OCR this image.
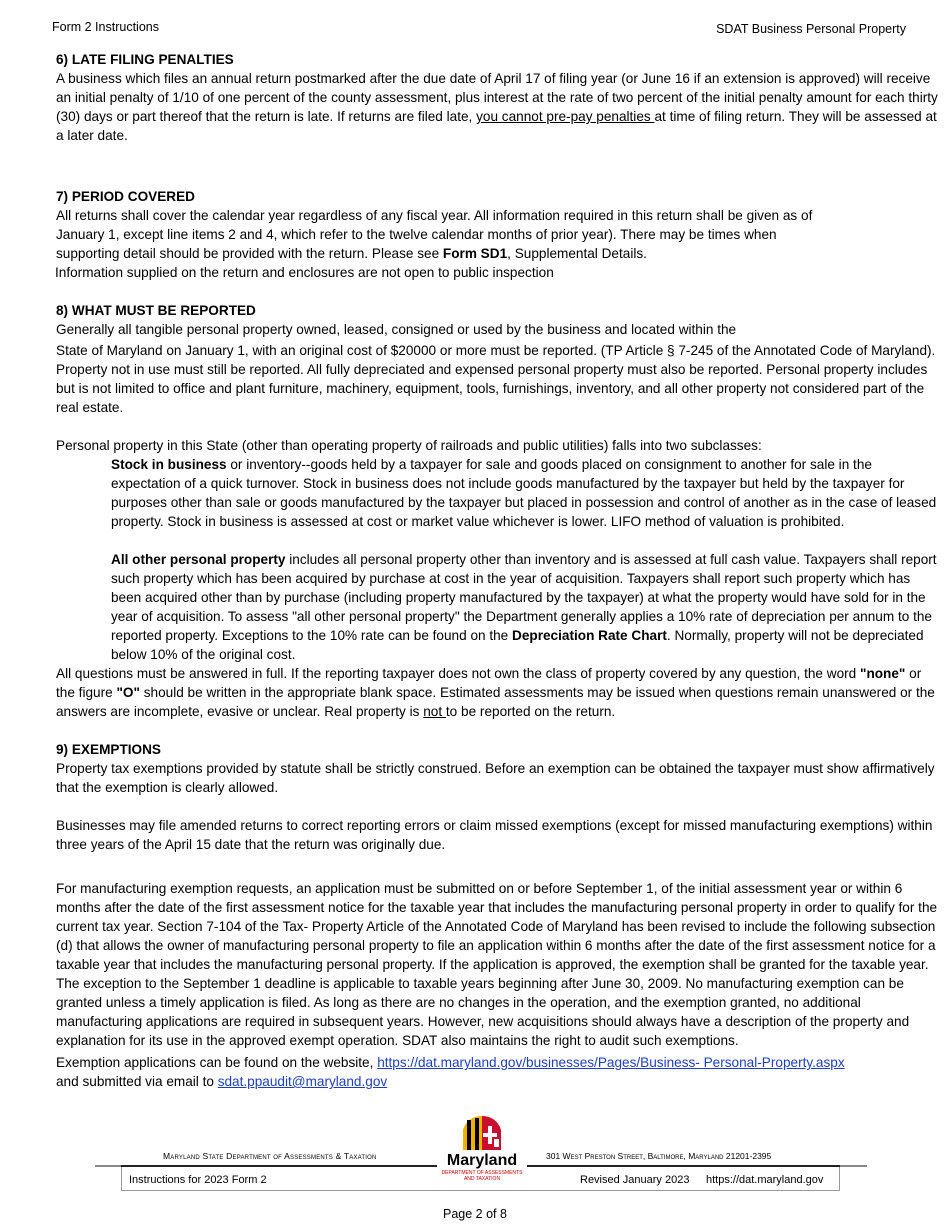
Form 2 Instructions	SDAT Business Personal Property

6) LATE FILING PENALTIES

A business which files an annual return postmarked after the due date of April 17 of filing year (or June 16 if an extension is approved) will receive an initial penalty of 1/10 of one percent of the county assessment, plus interest at the rate of two percent of the initial penalty amount for each thirty (30) days or part thereof that the return is late. If returns are filed late, you cannot pre-pay penalties at time of filing return. They will be assessed at a later date.

7) PERIOD COVERED

All returns shall cover the calendar year regardless of any fiscal year. All information required in this return shall be given as of

January 1, except line items 2 and 4, which refer to the twelve calendar months of prior year). There may be times when

supporting detail should be provided with the return. Please see Form SD1, Supplemental Details.

Information supplied on the return and enclosures are not open to public inspection

8) WHAT MUST BE REPORTED

Generally all tangible personal property owned, leased, consigned or used by the business and located within the

State of Maryland on January 1, with an original cost of $20000 or more must be reported. (TP Article § 7-245 of the Annotated Code of Maryland). Property not in use must still be reported. All fully depreciated and expensed personal property must also be reported. Personal property includes but is not limited to office and plant furniture, machinery, equipment, tools, furnishings, inventory, and all other property not considered part of the real estate.

Personal property in this State (other than operating property of railroads and public utilities) falls into two subclasses:

Stock in business or inventory--goods held by a taxpayer for sale and goods placed on consignment to another for sale in the expectation of a quick turnover. Stock in business does not include goods manufactured by the taxpayer but held by the taxpayer for purposes other than sale or goods manufactured by the taxpayer but placed in possession and control of another as in the case of leased property. Stock in business is assessed at cost or market value whichever is lower. LIFO method of valuation is prohibited.

All other personal property includes all personal property other than inventory and is assessed at full cash value. Taxpayers shall report such property which has been acquired by purchase at cost in the year of acquisition. Taxpayers shall report such property which has been acquired other than by purchase (including property manufactured by the taxpayer) at what the property would have sold for in the year of acquisition. To assess "all other personal property" the Department generally applies a 10% rate of depreciation per annum to the reported property. Exceptions to the 10% rate can be found on the Depreciation Rate Chart. Normally, property will not be depreciated below 10% of the original cost.

All questions must be answered in full. If the reporting taxpayer does not own the class of property covered by any question, the word "none" or the figure "O" should be written in the appropriate blank space. Estimated assessments may be issued when questions remain unanswered or the answers are incomplete, evasive or unclear. Real property is not to be reported on the return.

9) EXEMPTIONS

Property tax exemptions provided by statute shall be strictly construed. Before an exemption can be obtained the taxpayer must show affirmatively that the exemption is clearly allowed.

Businesses may file amended returns to correct reporting errors or claim missed exemptions (except for missed manufacturing exemptions) within three years of the April 15 date that the return was originally due.

For manufacturing exemption requests, an application must be submitted on or before September 1, of the initial assessment year or within 6 months after the date of the first assessment notice for the taxable year that includes the manufacturing personal property in order to qualify for the current tax year. Section 7-104 of the Tax- Property Article of the Annotated Code of Maryland has been revised to include the following subsection (d) that allows the owner of manufacturing personal property to file an application within 6 months after the date of the first assessment notice for a taxable year that includes the manufacturing personal property. If the application is approved, the exemption shall be granted for the taxable year. The exception to the September 1 deadline is applicable to taxable years beginning after June 30, 2009. No manufacturing exemption can be granted unless a timely application is filed. As long as there are no changes in the operation, and the exemption granted, no additional manufacturing applications are required in subsequent years. However, new acquisitions should always have a description of the property and explanation for its use in the approved exempt operation. SDAT also maintains the right to audit such exemptions.

Exemption applications can be found on the website, https://dat.maryland.gov/businesses/Pages/Business- Personal-Property.aspx

and submitted via email to sdat.ppaudit@maryland.gov

Maryland State Department of Assessments & Taxation	301 West Preston Street, Baltimore, Maryland 21201-2395
Instructions for 2023 Form 2	Revised January 2023 https://dat.maryland.gov
Maryland
DEPARTMENT OF ASSESSMENTS AND TAXATION
Page 2 of 8
